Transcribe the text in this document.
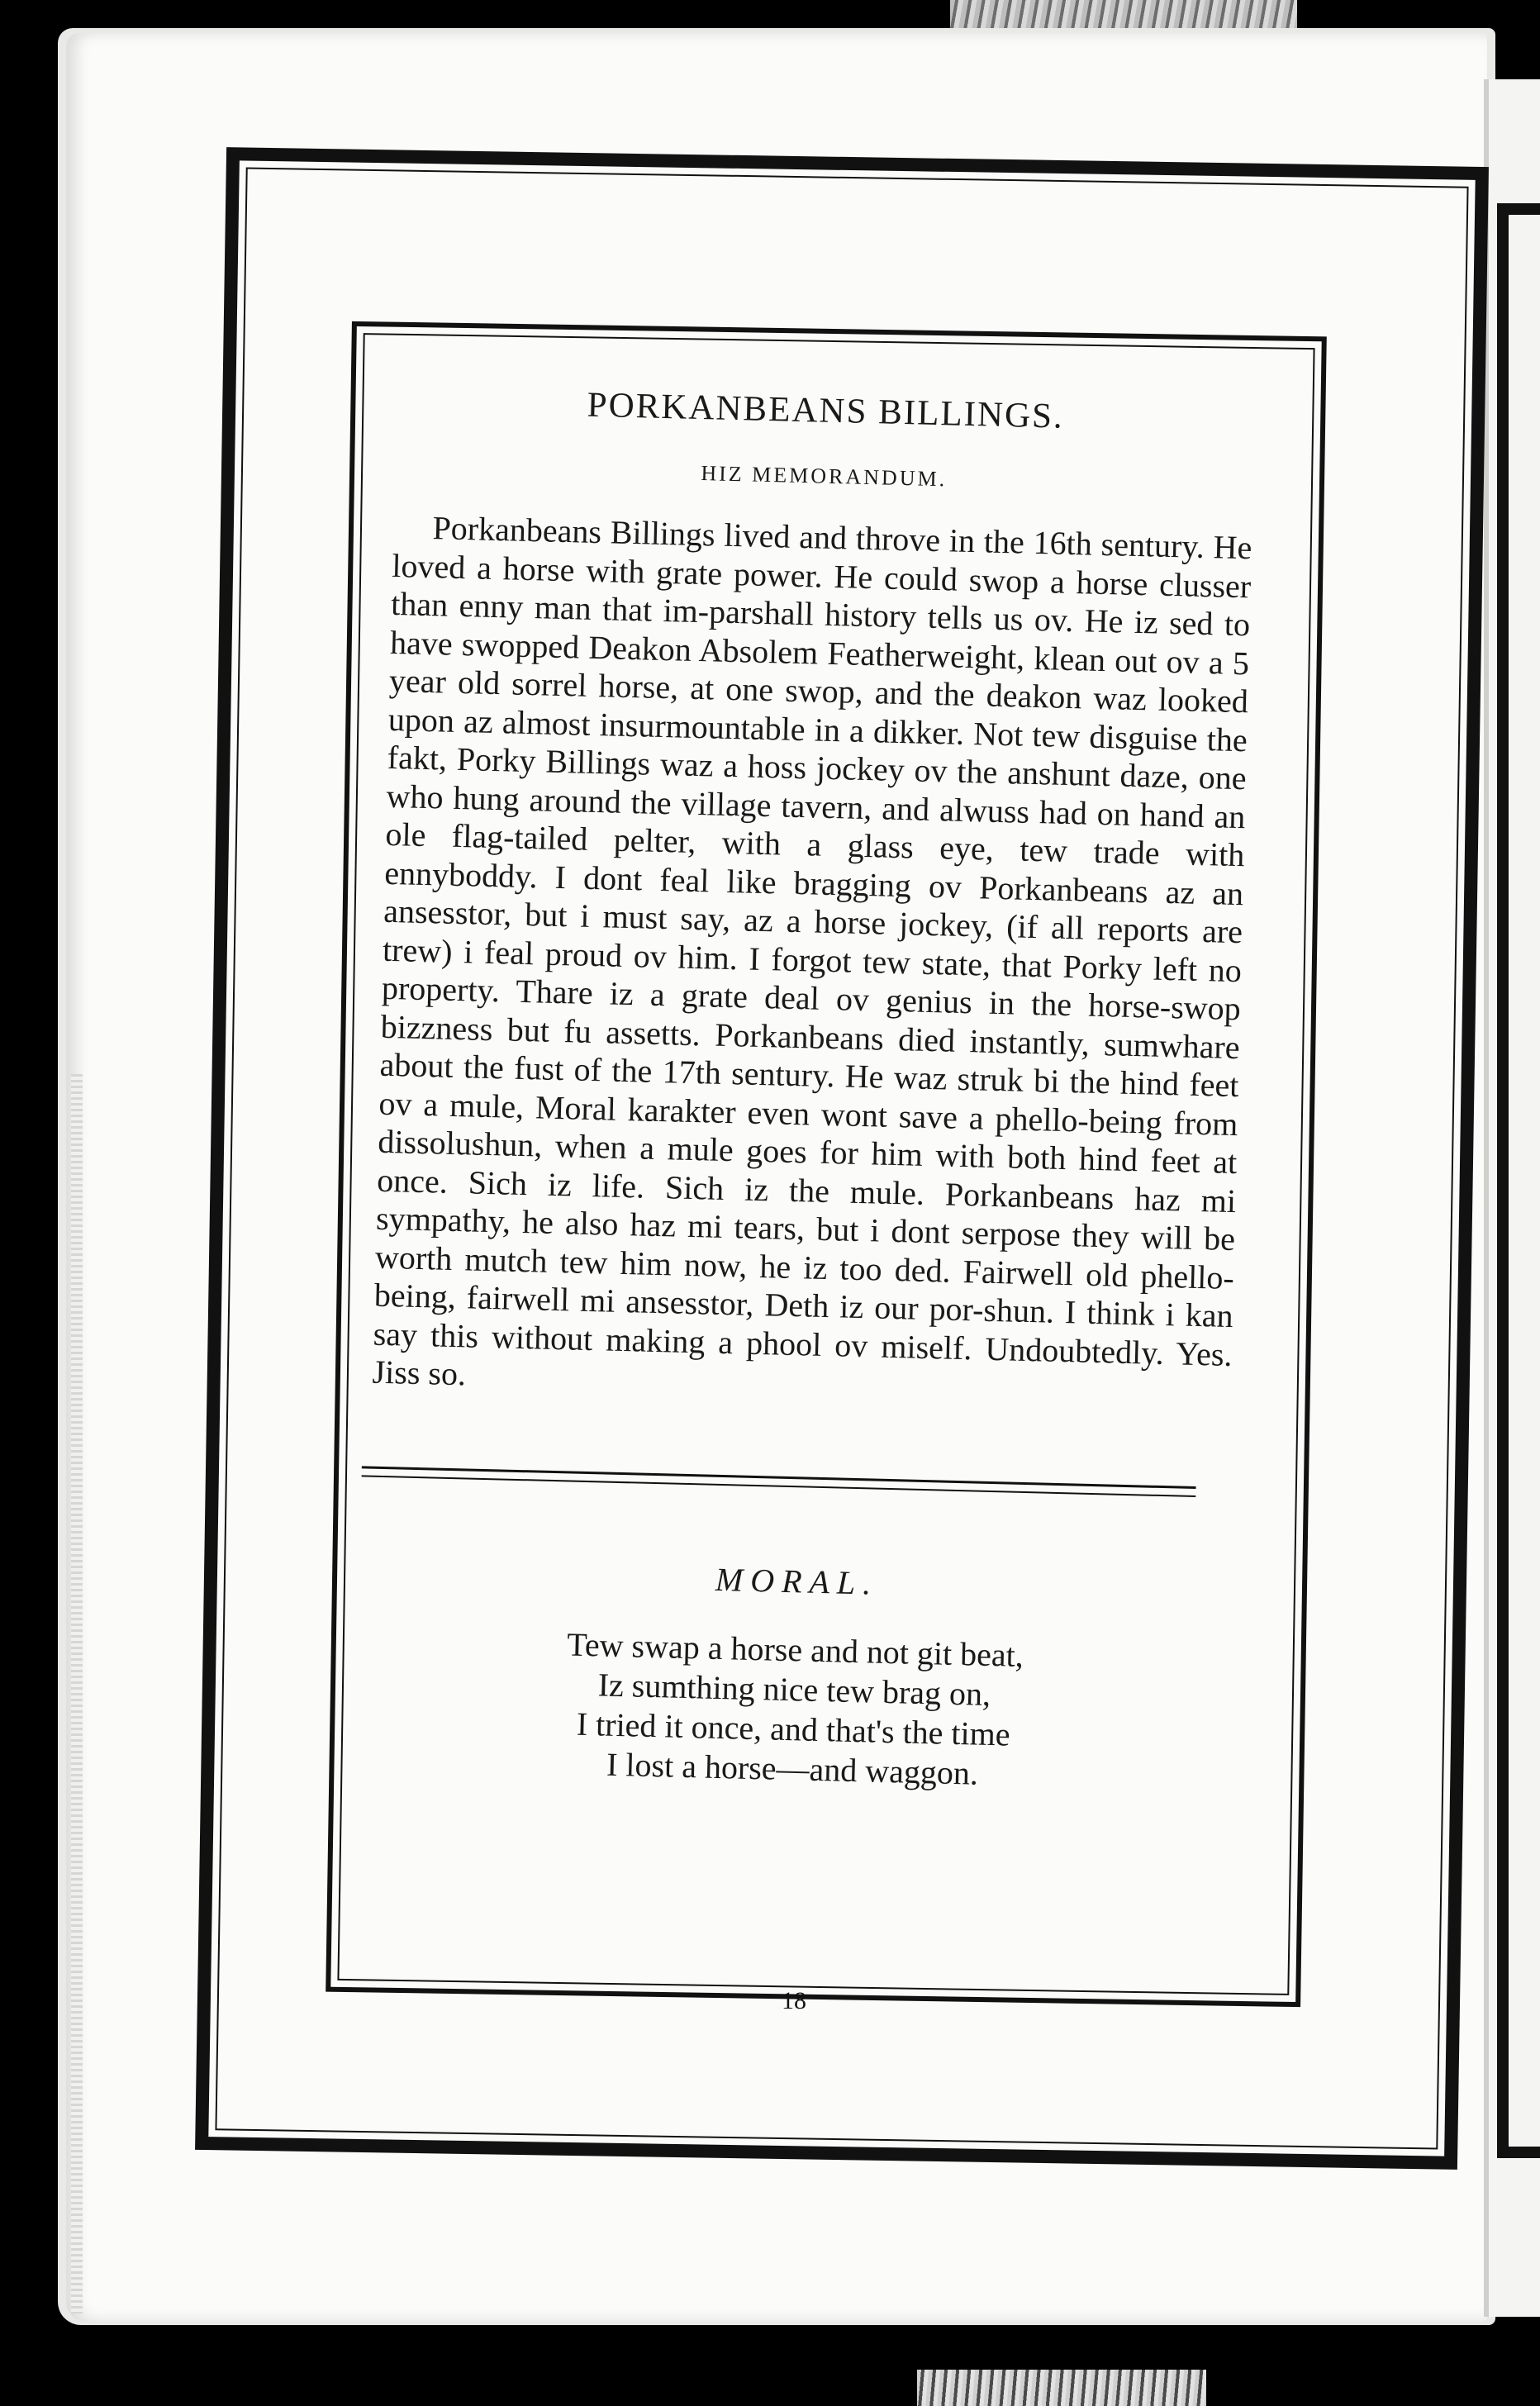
PORKANBEANS BILLINGS.
HIZ MEMORANDUM.

Porkanbeans Billings lived and throve in the 16th sentury. He loved a horse with grate power. He could swop a horse clusser than enny man that im-parshall history tells us ov. He iz sed to have swopped Deakon Absolem Featherweight, klean out ov a 5 year old sorrel horse, at one swop, and the deakon waz looked upon az almost insurmountable in a dikker. Not tew disguise the fakt, Porky Billings waz a hoss jockey ov the anshunt daze, one who hung around the village tavern, and alwuss had on hand an ole flag-tailed pelter, with a glass eye, tew trade with ennyboddy. I dont feal like bragging ov Porkanbeans az an ansesstor, but i must say, az a horse jockey, (if all reports are trew) i feal proud ov him. I forgot tew state, that Porky left no property. Thare iz a grate deal ov genius in the horse-swop bizzness but fu assetts. Porkanbeans died instantly, sumwhare about the fust of the 17th sentury. He waz struk bi the hind feet ov a mule, Moral karakter even wont save a phello-being from dissolushun, when a mule goes for him with both hind feet at once. Sich iz life. Sich iz the mule. Porkanbeans haz mi sympathy, he also haz mi tears, but i dont serpose they will be worth mutch tew him now, he iz too ded. Fairwell old phello-being, fairwell mi ansesstor, Deth iz our por-shun. I think i kan say this without making a phool ov miself. Undoubtedly. Yes. Jiss so.

MORAL.
Tew swap a horse and not git beat,
Iz sumthing nice tew brag on,
I tried it once, and that's the time
I lost a horse—and waggon.
18
